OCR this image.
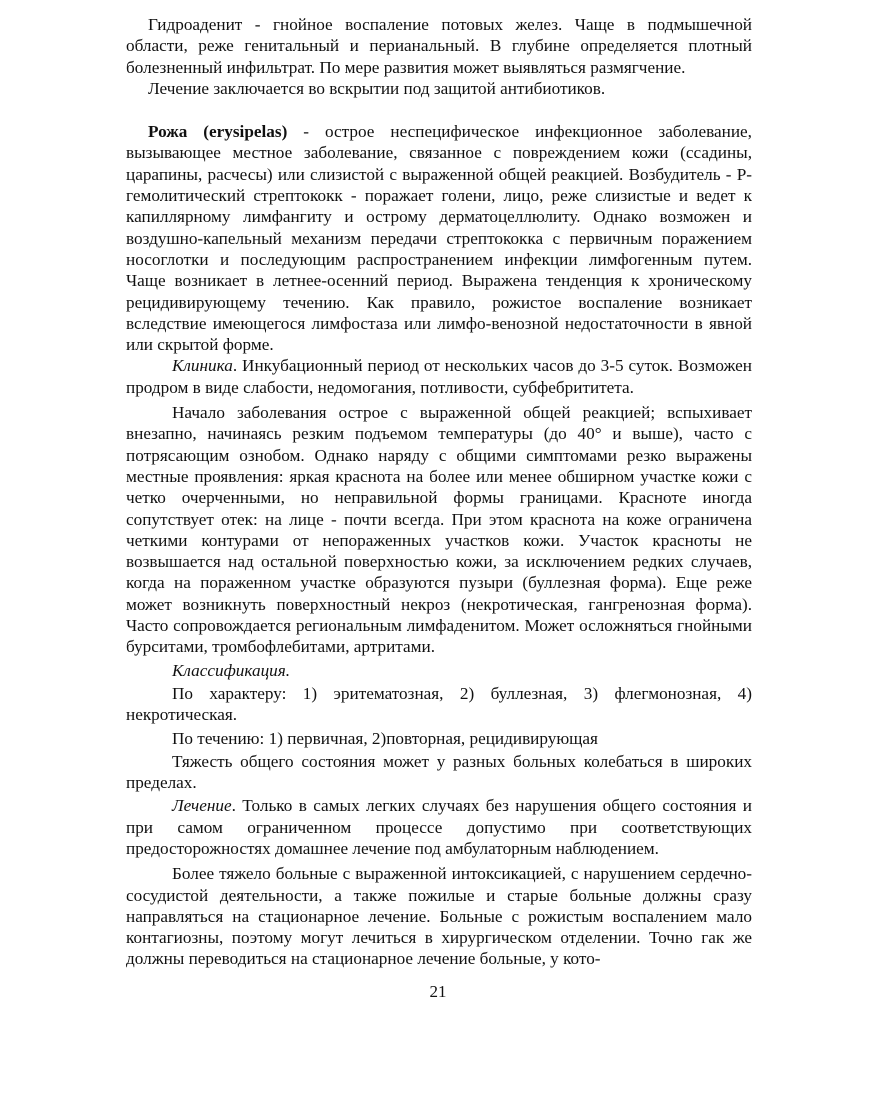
Гидроаденит - гнойное воспаление потовых желез. Чаще в подмышечной области, реже генитальный и перианальный. В глубине определяется плотный болезненный инфильтрат. По мере развития может выявляться размягчение.

Лечение заключается во вскрытии под защитой антибиотиков.

Рожа (erysipelas) - острое неспецифическое инфекционное заболевание, вызывающее местное заболевание, связанное с повреждением кожи (ссадины, царапины, расчесы) или слизистой с выраженной общей реакцией. Возбудитель - Р-гемолитический стрептококк - поражает голени, лицо, реже слизистые и ведет к капиллярному лимфангиту и острому дерматоцеллюлиту. Однако возможен и воздушно-капельный механизм передачи стрептококка с первичным поражением носоглотки и последующим распространением инфекции лимфогенным путем. Чаще возникает в летнее-осенний период. Выражена тенденция к хроническому рецидивирующему течению. Как правило, рожистое воспаление возникает вследствие имеющегося лимфостаза или лимфо-венозной недостаточности в явной или скрытой форме.

Клиника. Инкубационный период от нескольких часов до 3-5 суток. Возможен продром в виде слабости, недомогания, потливости, субфебрититета.

Начало заболевания острое с выраженной общей реакцией; вспыхивает внезапно, начинаясь резким подъемом температуры (до 40° и выше), часто с потрясающим ознобом. Однако наряду с общими симптомами резко выражены местные проявления: яркая краснота на более или менее обширном участке кожи с четко очерченными, но неправильной формы границами. Красноте иногда сопутствует отек: на лице - почти всегда. При этом краснота на коже ограничена четкими контурами от непораженных участков кожи. Участок красноты не возвышается над остальной поверхностью кожи, за исключением редких случаев, когда на пораженном участке образуются пузыри (буллезная форма). Еще реже может возникнуть поверхностный некроз (некротическая, гангренозная форма). Часто сопровождается региональным лимфаденитом. Может осложняться гнойными бурситами, тромбофлебитами, артритами.

Классификация.

По характеру: 1) эритематозная, 2) буллезная, 3) флегмонозная, 4) некротическая.

По течению: 1) первичная, 2)повторная, рецидивирующая

Тяжесть общего состояния может у разных больных колебаться в широких пределах.

Лечение. Только в самых легких случаях без нарушения общего состояния и при самом ограниченном процессе допустимо при соответствующих предосторожностях домашнее лечение под амбулаторным наблюдением.

Более тяжело больные с выраженной интоксикацией, с нарушением сердечно-сосудистой деятельности, а также пожилые и старые больные должны сразу направляться на стационарное лечение. Больные с рожистым воспалением мало контагиозны, поэтому могут лечиться в хирургическом отделении. Точно гак же должны переводиться на стационарное лечение больные, у кото-

21
